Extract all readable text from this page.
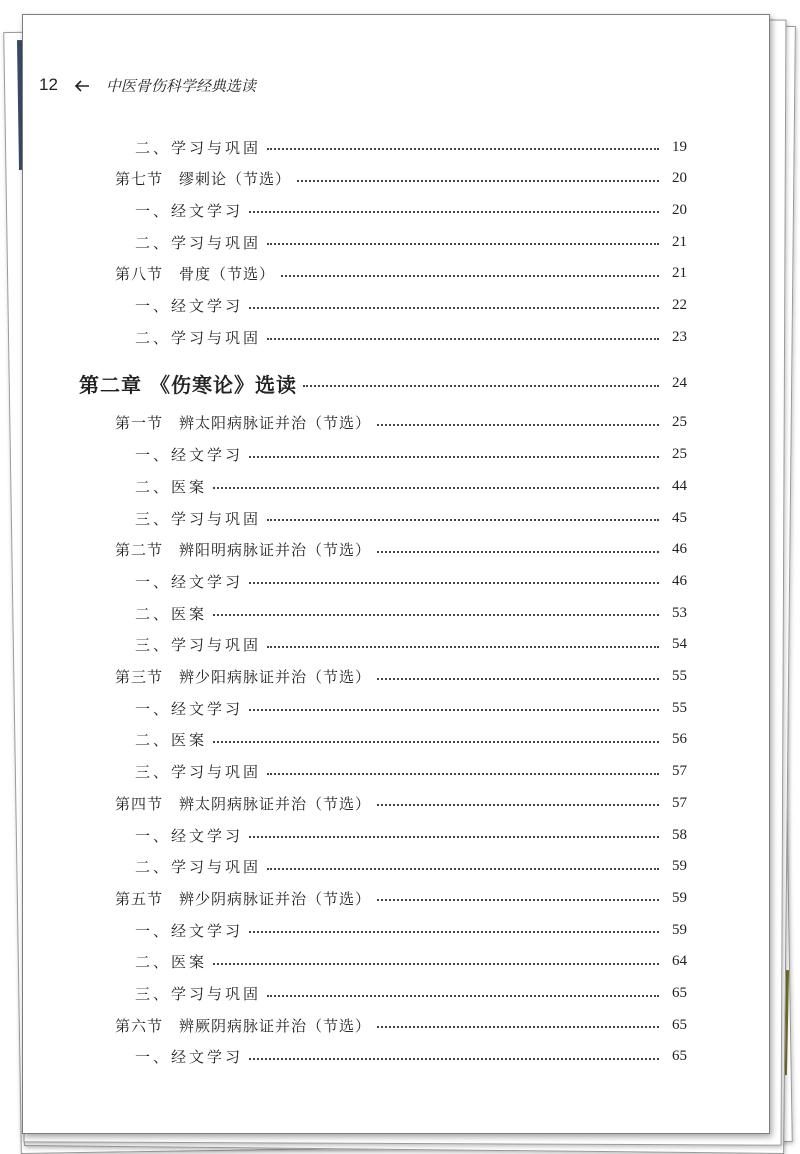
12	中医骨伤科学经典选读
二、学习与巩固	19
第七节　缪刺论（节选）	20
一、经文学习	20
二、学习与巩固	21
第八节　骨度（节选）	21
一、经文学习	22
二、学习与巩固	23
第二章 《伤寒论》选读	24
第一节　辨太阳病脉证并治（节选）	25
一、经文学习	25
二、医案	44
三、学习与巩固	45
第二节　辨阳明病脉证并治（节选）	46
一、经文学习	46
二、医案	53
三、学习与巩固	54
第三节　辨少阳病脉证并治（节选）	55
一、经文学习	55
二、医案	56
三、学习与巩固	57
第四节　辨太阴病脉证并治（节选）	57
一、经文学习	58
二、学习与巩固	59
第五节　辨少阴病脉证并治（节选）	59
一、经文学习	59
二、医案	64
三、学习与巩固	65
第六节　辨厥阴病脉证并治（节选）	65
一、经文学习	65
